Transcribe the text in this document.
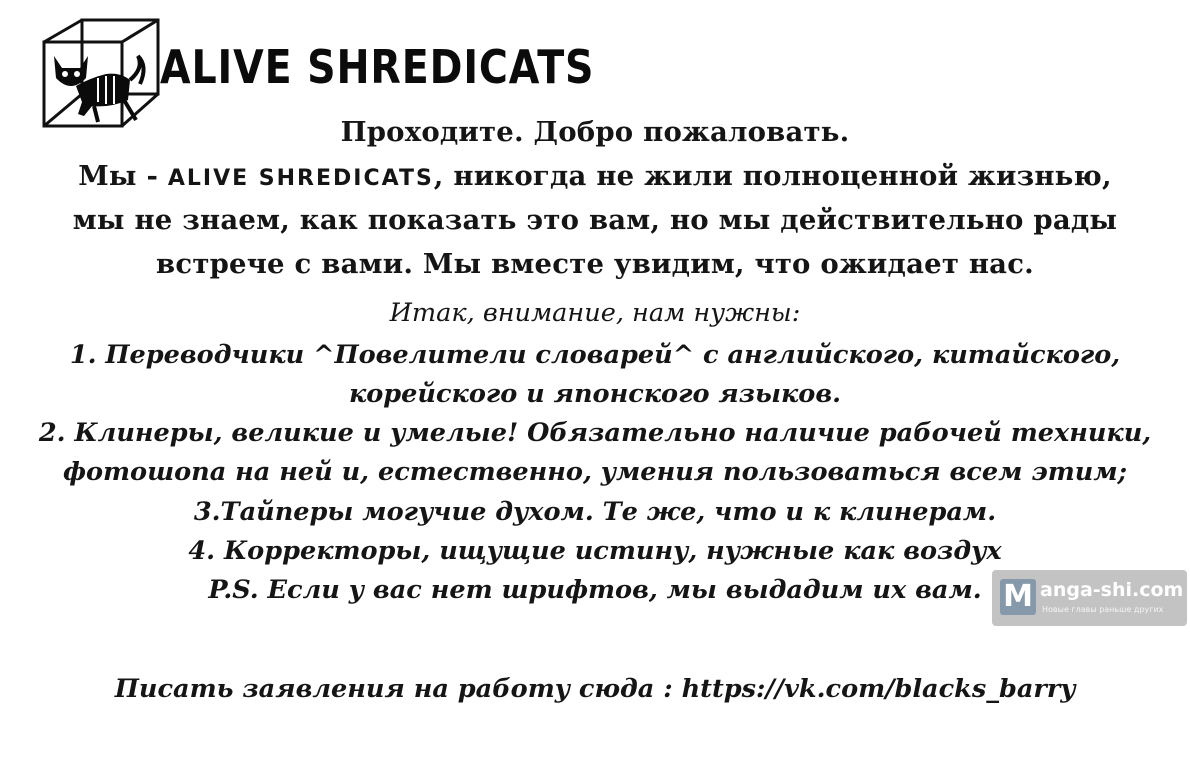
ALIVE SHREDICATS
Проходите. Добро пожаловать.
Мы - ALIVE SHREDICATS, никогда не жили полноценной жизнью,
мы не знаем, как показать это вам, но мы действительно рады
встрече с вами. Мы вместе увидим, что ожидает нас.
Итак, внимание, нам нужны:
1. Переводчики ^Повелители словарей^ с английского, китайского,
корейского и японского языков.
2. Клинеры, великие и умелые! Обязательно наличие рабочей техники,
фотошопа на ней и, естественно, умения пользоваться всем этим;
3.Тайперы могучие духом. Те же, что и к клинерам.
4. Корректоры, ищущие истину, нужные как воздух
P.S. Если у вас нет шрифтов, мы выдадим их вам. M anga-shi.com
Новые главы раньше других
Писать заявления на работу сюда : https://vk.com/blacks_barry
